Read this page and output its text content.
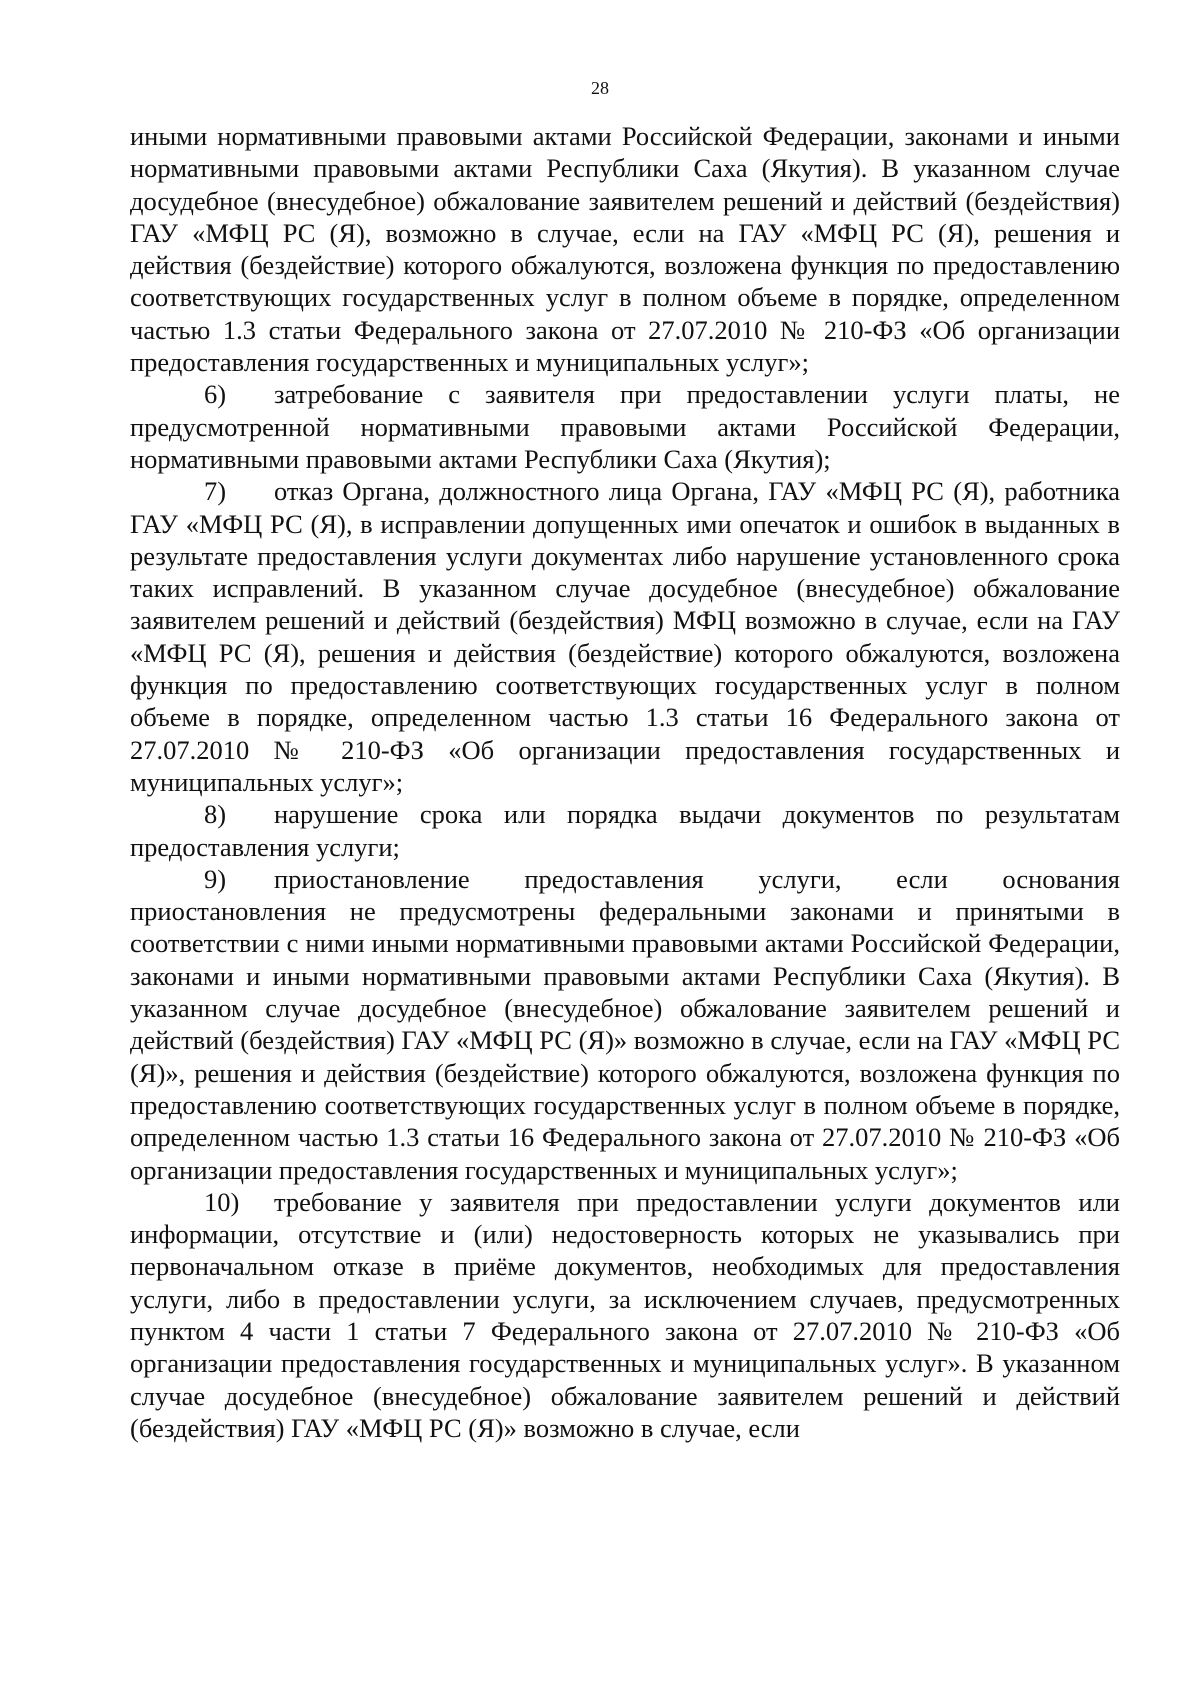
28

иными нормативными правовыми актами Российской Федерации, законами и иными нормативными правовыми актами Республики Саха (Якутия). В указанном случае досудебное (внесудебное) обжалование заявителем решений и действий (бездействия) ГАУ «МФЦ РС (Я), возможно в случае, если на ГАУ «МФЦ РС (Я), решения и действия (бездействие) которого обжалуются, возложена функция по предоставлению соответствующих государственных услуг в полном объеме в порядке, определенном частью 1.3 статьи Федерального закона от 27.07.2010 № 210-ФЗ «Об организации предоставления государственных и муниципальных услуг»;

6) затребование с заявителя при предоставлении услуги платы, не предусмотренной нормативными правовыми актами Российской Федерации, нормативными правовыми актами Республики Саха (Якутия);

7) отказ Органа, должностного лица Органа, ГАУ «МФЦ РС (Я), работника ГАУ «МФЦ РС (Я), в исправлении допущенных ими опечаток и ошибок в выданных в результате предоставления услуги документах либо нарушение установленного срока таких исправлений. В указанном случае досудебное (внесудебное) обжалование заявителем решений и действий (бездействия) МФЦ возможно в случае, если на ГАУ «МФЦ РС (Я), решения и действия (бездействие) которого обжалуются, возложена функция по предоставлению соответствующих государственных услуг в полном объеме в порядке, определенном частью 1.3 статьи 16 Федерального закона от 27.07.2010 № 210-ФЗ «Об организации предоставления государственных и муниципальных услуг»;

8) нарушение срока или порядка выдачи документов по результатам предоставления услуги;

9) приостановление предоставления услуги, если основания приостановления не предусмотрены федеральными законами и принятыми в соответствии с ними иными нормативными правовыми актами Российской Федерации, законами и иными нормативными правовыми актами Республики Саха (Якутия). В указанном случае досудебное (внесудебное) обжалование заявителем решений и действий (бездействия) ГАУ «МФЦ РС (Я)» возможно в случае, если на ГАУ «МФЦ РС (Я)», решения и действия (бездействие) которого обжалуются, возложена функция по предоставлению соответствующих государственных услуг в полном объеме в порядке, определенном частью 1.3 статьи 16 Федерального закона от 27.07.2010 № 210-ФЗ «Об организации предоставления государственных и муниципальных услуг»;

10) требование у заявителя при предоставлении услуги документов или информации, отсутствие и (или) недостоверность которых не указывались при первоначальном отказе в приёме документов, необходимых для предоставления услуги, либо в предоставлении услуги, за исключением случаев, предусмотренных пунктом 4 части 1 статьи 7 Федерального закона от 27.07.2010 № 210-ФЗ «Об организации предоставления государственных и муниципальных услуг». В указанном случае досудебное (внесудебное) обжалование заявителем решений и действий (бездействия) ГАУ «МФЦ РС (Я)» возможно в случае, если
